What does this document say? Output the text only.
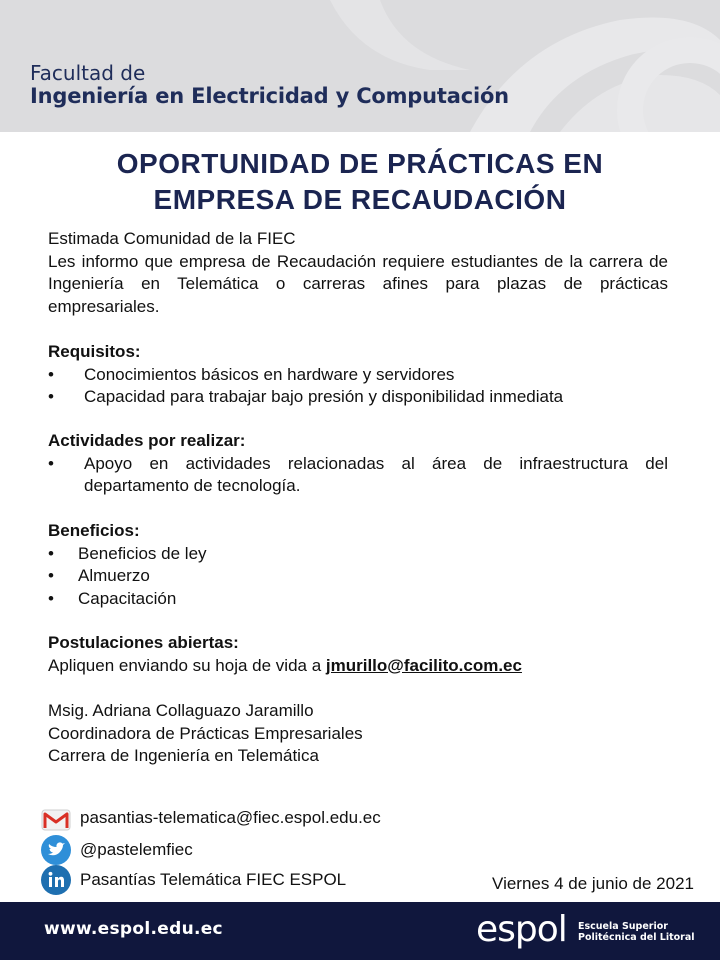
Facultad de
Ingeniería en Electricidad y Computación
OPORTUNIDAD DE PRÁCTICAS EN
EMPRESA DE RECAUDACIÓN
Estimada Comunidad de la FIEC
Les informo que empresa de Recaudación requiere estudiantes de la carrera de Ingeniería en Telemática o carreras afines para plazas de prácticas empresariales.
Requisitos:
•	Conocimientos básicos en hardware y servidores
•	Capacidad para trabajar bajo presión y disponibilidad inmediata
Actividades por realizar:
•	Apoyo en actividades relacionadas al área de infraestructura del departamento de tecnología.
Beneficios:
•	Beneficios de ley
•	Almuerzo
•	Capacitación
Postulaciones abiertas:
Apliquen enviando su hoja de vida a jmurillo@facilito.com.ec
Msig. Adriana Collaguazo Jaramillo
Coordinadora de Prácticas Empresariales
Carrera de Ingeniería en Telemática
pasantias-telematica@fiec.espol.edu.ec
@pastelemfiec
Pasantías Telemática FIEC ESPOL	Viernes 4 de junio de 2021
www.espol.edu.ec	espol Escuela Superior
Politécnica del Litoral
